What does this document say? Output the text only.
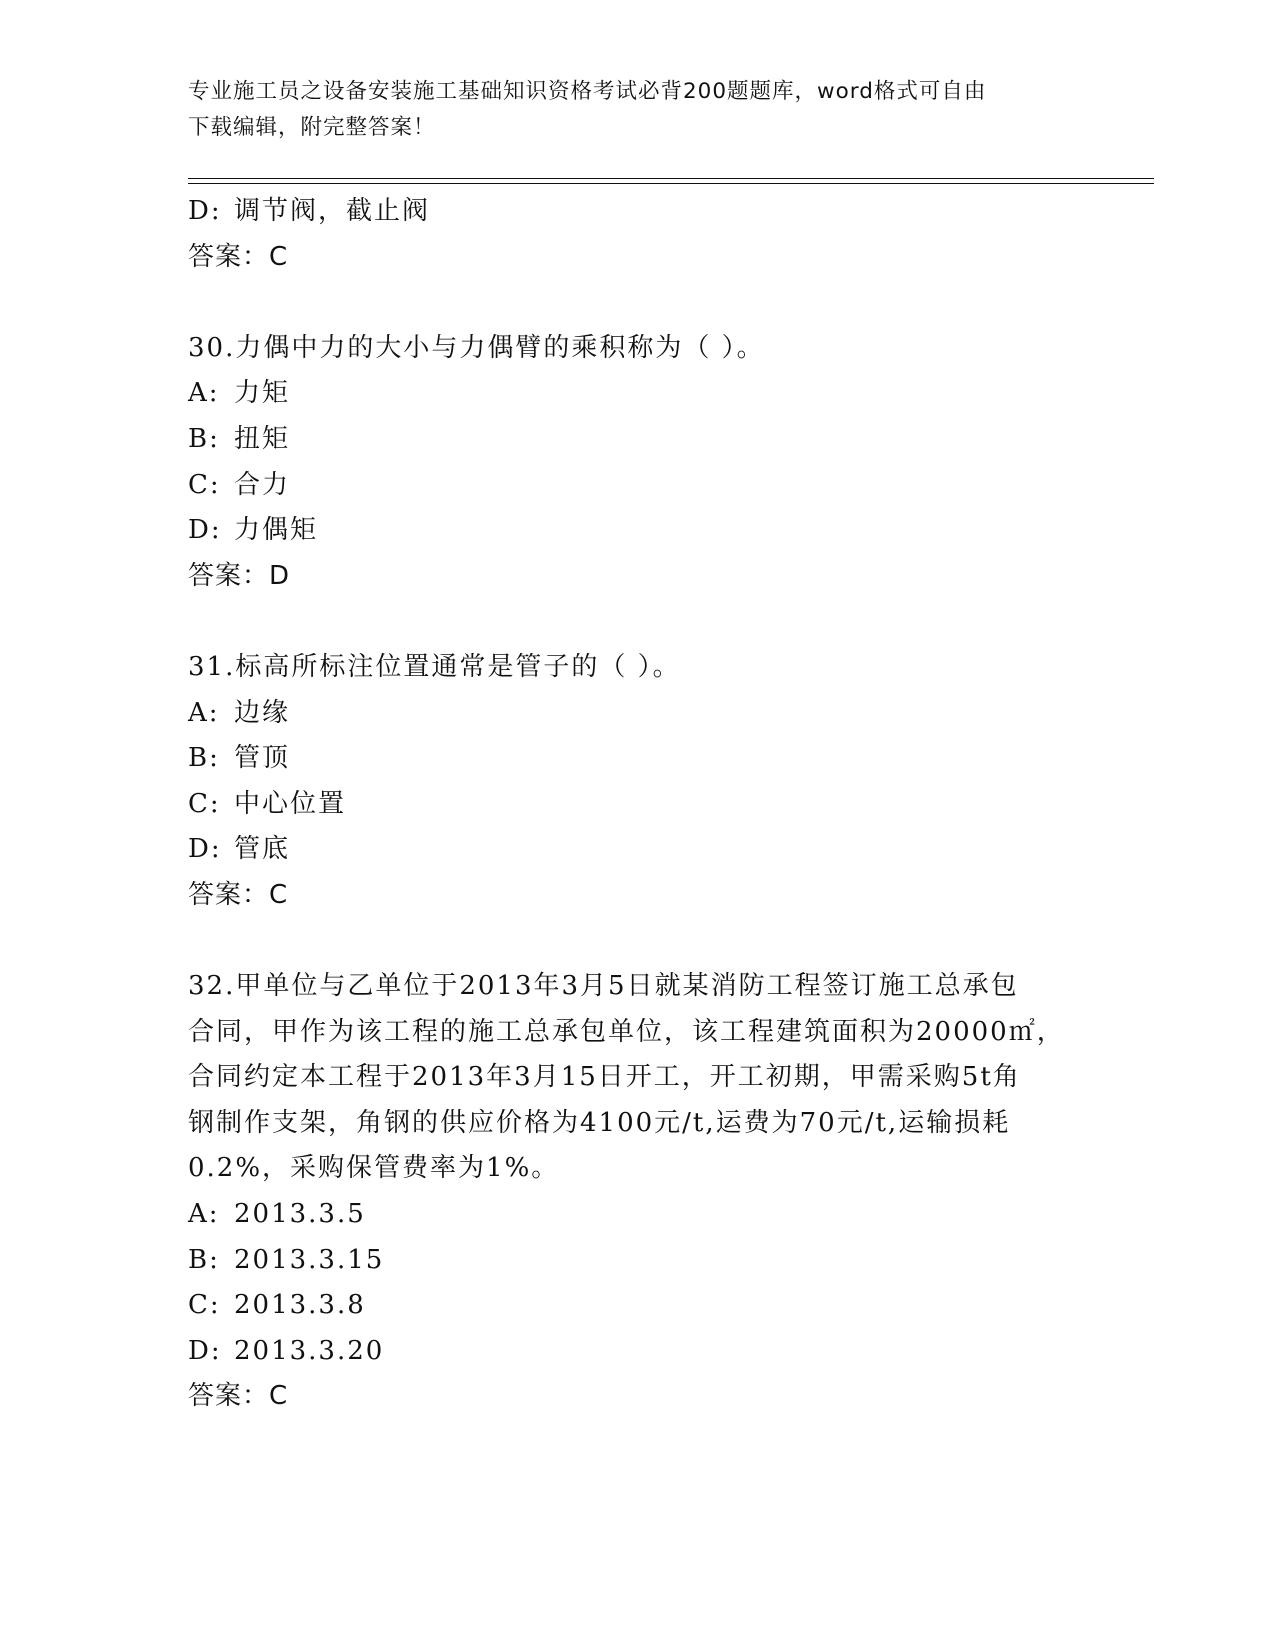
专业施工员之设备安装施工基础知识资格考试必背200题题库，word格式可自由
下载编辑，附完整答案！
D: 调节阀，截止阀
答案：C
30.力偶中力的大小与力偶臂的乘积称为（ ）。
A: 力矩
B: 扭矩
C: 合力
D: 力偶矩
答案：D
31.标高所标注位置通常是管子的（ ）。
A: 边缘
B: 管顶
C: 中心位置
D: 管底
答案：C
32.甲单位与乙单位于2013年3月5日就某消防工程签订施工总承包
合同，甲作为该工程的施工总承包单位，该工程建筑面积为20000㎡，
合同约定本工程于2013年3月15日开工，开工初期，甲需采购5t角
钢制作支架，角钢的供应价格为4100元/t,运费为70元/t,运输损耗
0.2%，采购保管费率为1%。
A: 2013.3.5
B: 2013.3.15
C: 2013.3.8
D: 2013.3.20
答案：C
